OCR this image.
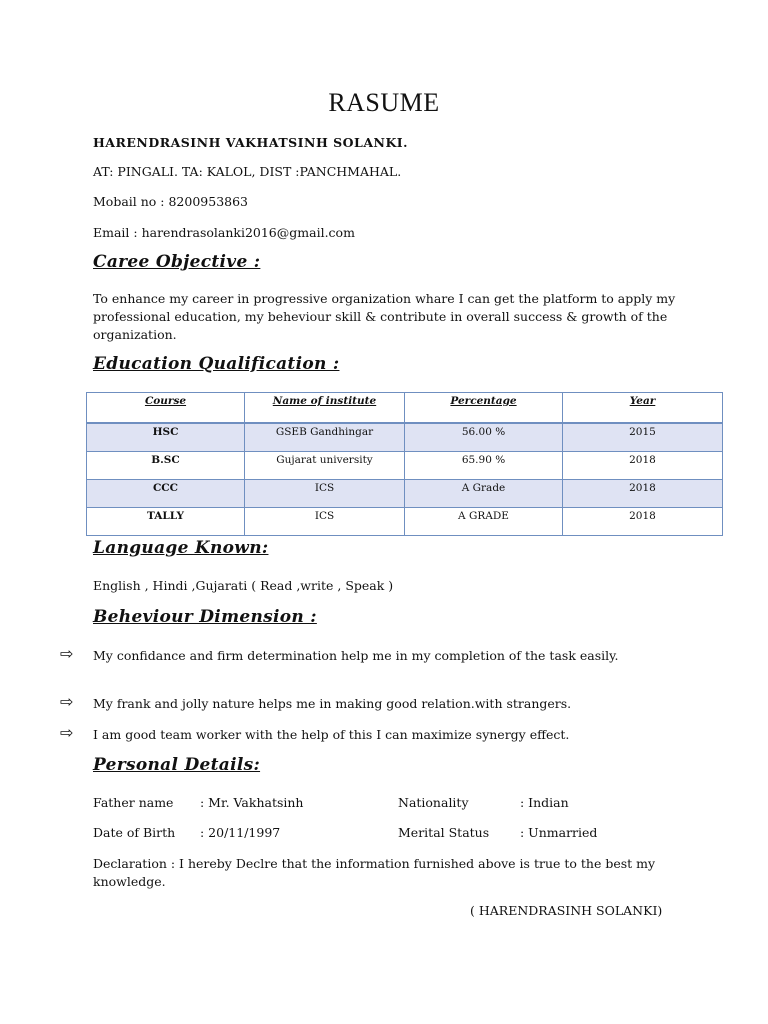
RASUME
HARENDRASINH VAKHATSINH SOLANKI.
AT: PINGALI. TA: KALOL, DIST :PANCHMAHAL.
Mobail no : 8200953863
Email : harendrasolanki2016@gmail.com
Caree Objective :
To enhance my career in progressive organization whare I can get the platform to apply my professional education, my beheviour skill & contribute in overall success & growth of the organization.
Education Qualification :
Course	Name of institute	Percentage	Year
HSC	GSEB Gandhingar	56.00 %	2015
B.SC	Gujarat university	65.90 %	2018
CCC	ICS	A Grade	2018
TALLY	ICS	A GRADE	2018
Language Known:
English , Hindi ,Gujarati ( Read ,write , Speak )
Beheviour Dimension :
⇨ My confidance and firm determination help me in my completion of the task easily.
⇨ My frank and jolly nature helps me in making good relation.with strangers.
⇨ I am good team worker with the help of this I can maximize synergy effect.
Personal Details:
Father name : Mr. Vakhatsinh	Nationality	: Indian
Date of Birth : 20/11/1997	Merital Status : Unmarried
Declaration : I hereby Declre that the information furnished above is true to the best my knowledge.
( HARENDRASINH SOLANKI)
